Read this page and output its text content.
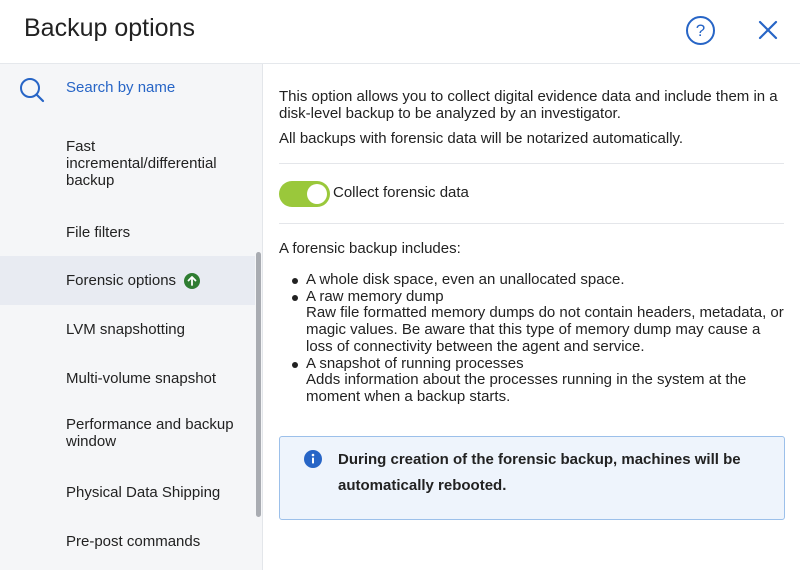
Backup options	?
Search by name
Fast incremental/differential backup
File filters
Forensic options
LVM snapshotting
Multi-volume snapshot
Performance and backup window
Physical Data Shipping
Pre-post commands
This option allows you to collect digital evidence data and include them in a disk-level backup to be analyzed by an investigator.
All backups with forensic data will be notarized automatically.
Collect forensic data
A forensic backup includes:
A whole disk space, even an unallocated space.
A raw memory dump
Raw file formatted memory dumps do not contain headers, metadata, or magic values. Be aware that this type of memory dump may cause a loss of connectivity between the agent and service.
A snapshot of running processes
Adds information about the processes running in the system at the moment when a backup starts.
During creation of the forensic backup, machines will be automatically rebooted.
